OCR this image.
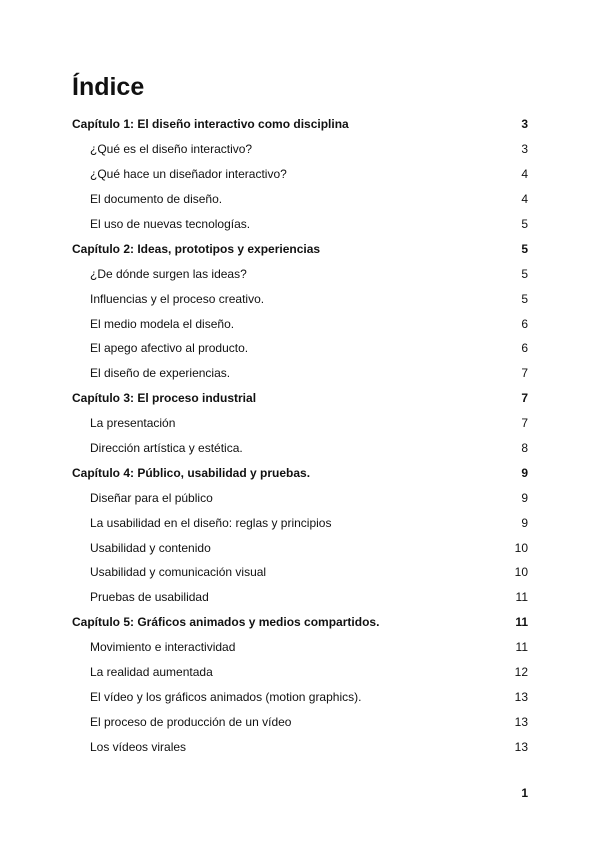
Índice
Capítulo 1: El diseño interactivo como disciplina	3
¿Qué es el diseño interactivo?	3
¿Qué hace un diseñador interactivo?	4
El documento de diseño.	4
El uso de nuevas tecnologías.	5
Capítulo 2: Ideas, prototipos y experiencias	5
¿De dónde surgen las ideas?	5
Influencias y el proceso creativo.	5
El medio modela el diseño.	6
El apego afectivo al producto.	6
El diseño de experiencias.	7
Capítulo 3: El proceso industrial	7
La presentación	7
Dirección artística y estética.	8
Capítulo 4: Público, usabilidad y pruebas.	9
Diseñar para el público	9
La usabilidad en el diseño: reglas y principios	9
Usabilidad y contenido	10
Usabilidad y comunicación visual	10
Pruebas de usabilidad	11
Capítulo 5: Gráficos animados y medios compartidos.	11
Movimiento e interactividad	11
La realidad aumentada	12
El vídeo y los gráficos animados (motion graphics).	13
El proceso de producción de un vídeo	13
Los vídeos virales	13
1
